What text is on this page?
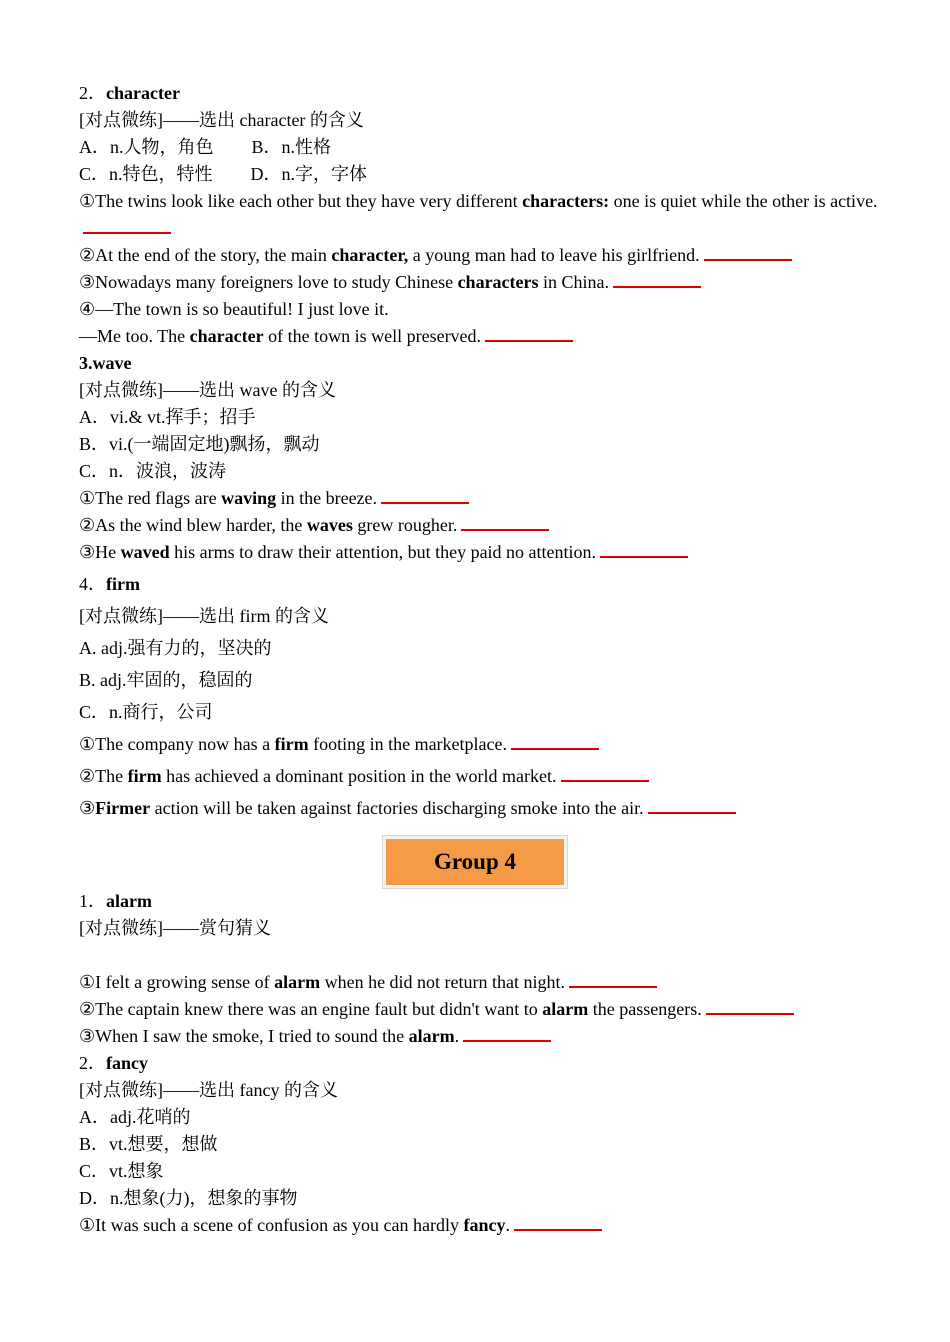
2．character
[对点微练]——选出 character 的含义
A．n.人物，角色 B．n.性格
C．n.特色，特性 D．n.字，字体
①The twins look like each other but they have very different characters: one is quiet while the other is active.
②At the end of the story, the main character, a young man had to leave his girlfriend.
③Nowadays many foreigners love to study Chinese characters in China.
④—The town is so beautiful! I just love it.
—Me too. The character of the town is well preserved.
3.wave
[对点微练]——选出 wave 的含义
A．vi.& vt.挥手；招手
B．vi.(一端固定地)飘扬，飘动
C．n．波浪，波涛
①The red flags are waving in the breeze.
②As the wind blew harder, the waves grew rougher.
③He waved his arms to draw their attention, but they paid no attention.
4．firm
[对点微练]——选出 firm 的含义
A. adj.强有力的，坚决的
B. adj.牢固的，稳固的
C．n.商行，公司
①The company now has a firm footing in the marketplace.
②The firm has achieved a dominant position in the world market.
③Firmer action will be taken against factories discharging smoke into the air.
Group 4
1．alarm
[对点微练]——赏句猜义
①I felt a growing sense of alarm when he did not return that night.
②The captain knew there was an engine fault but didn't want to alarm the passengers.
③When I saw the smoke, I tried to sound the alarm.
2．fancy
[对点微练]——选出 fancy 的含义
A．adj.花哨的
B．vt.想要，想做
C．vt.想象
D．n.想象(力)，想象的事物
①It was such a scene of confusion as you can hardly fancy.
